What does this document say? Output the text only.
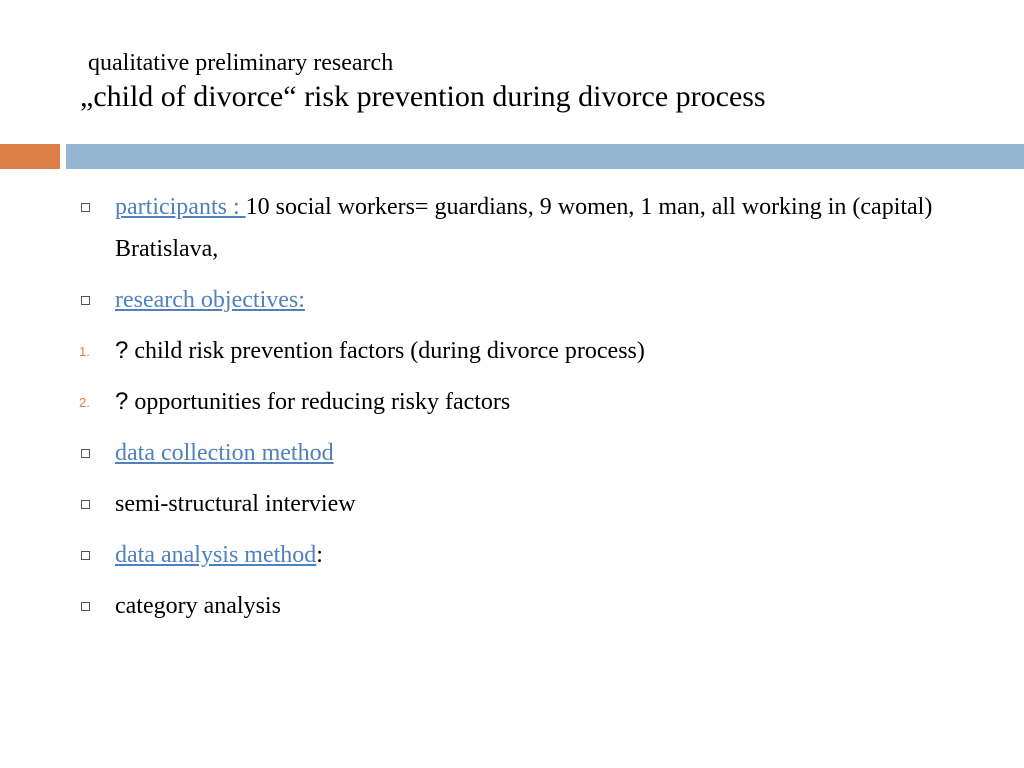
qualitative preliminary research
„child of divorce“ risk prevention during divorce process
participants : 10 social workers= guardians, 9 women, 1 man, all working in (capital) Bratislava,
research objectives:
1. ? child risk prevention factors (during divorce process)
2. ? opportunities for reducing risky factors
data collection method
semi-structural interview
data analysis method:
category analysis
